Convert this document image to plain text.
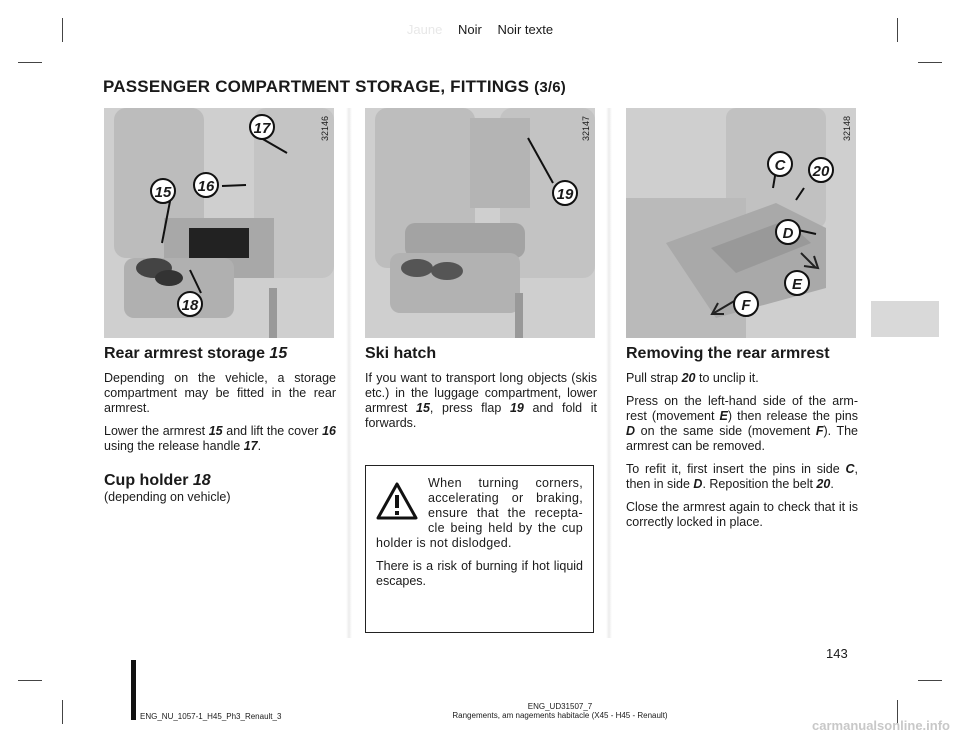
Jaune Noir Noir texte
PASSENGER COMPARTMENT STORAGE, FITTINGS (3/6)
17
15	16
18
32146
19
32147
C	20
D
E
F
32148
Rear armrest storage 15

Depending on the vehicle, a storage compartment may be fitted in the rear armrest.

Lower the armrest 15 and lift the cover 16 using the release handle 17.

Cup holder 18

(depending on vehicle)

Ski hatch

If you want to transport long objects (skis etc.) in the luggage compartment, lower armrest 15, press flap 19 and fold it forwards.

When turning corners, accelerating or braking, ensure that the recepta-cle being held by the cup holder is not dislodged.

There is a risk of burning if hot liquid escapes.

Removing the rear armrest

Pull strap 20 to unclip it.

Press on the left-hand side of the arm-rest (movement E) then release the pins D on the same side (movement F). The armrest can be removed.

To refit it, first insert the pins in side C, then in side D. Reposition the belt 20.

Close the armrest again to check that it is correctly locked in place.

143
ENG_NU_1057-1_H45_Ph3_Renault_3
ENG_UD31507_7
Rangements, am nagements habitacle (X45 - H45 - Renault)
carmanualsonline.info
